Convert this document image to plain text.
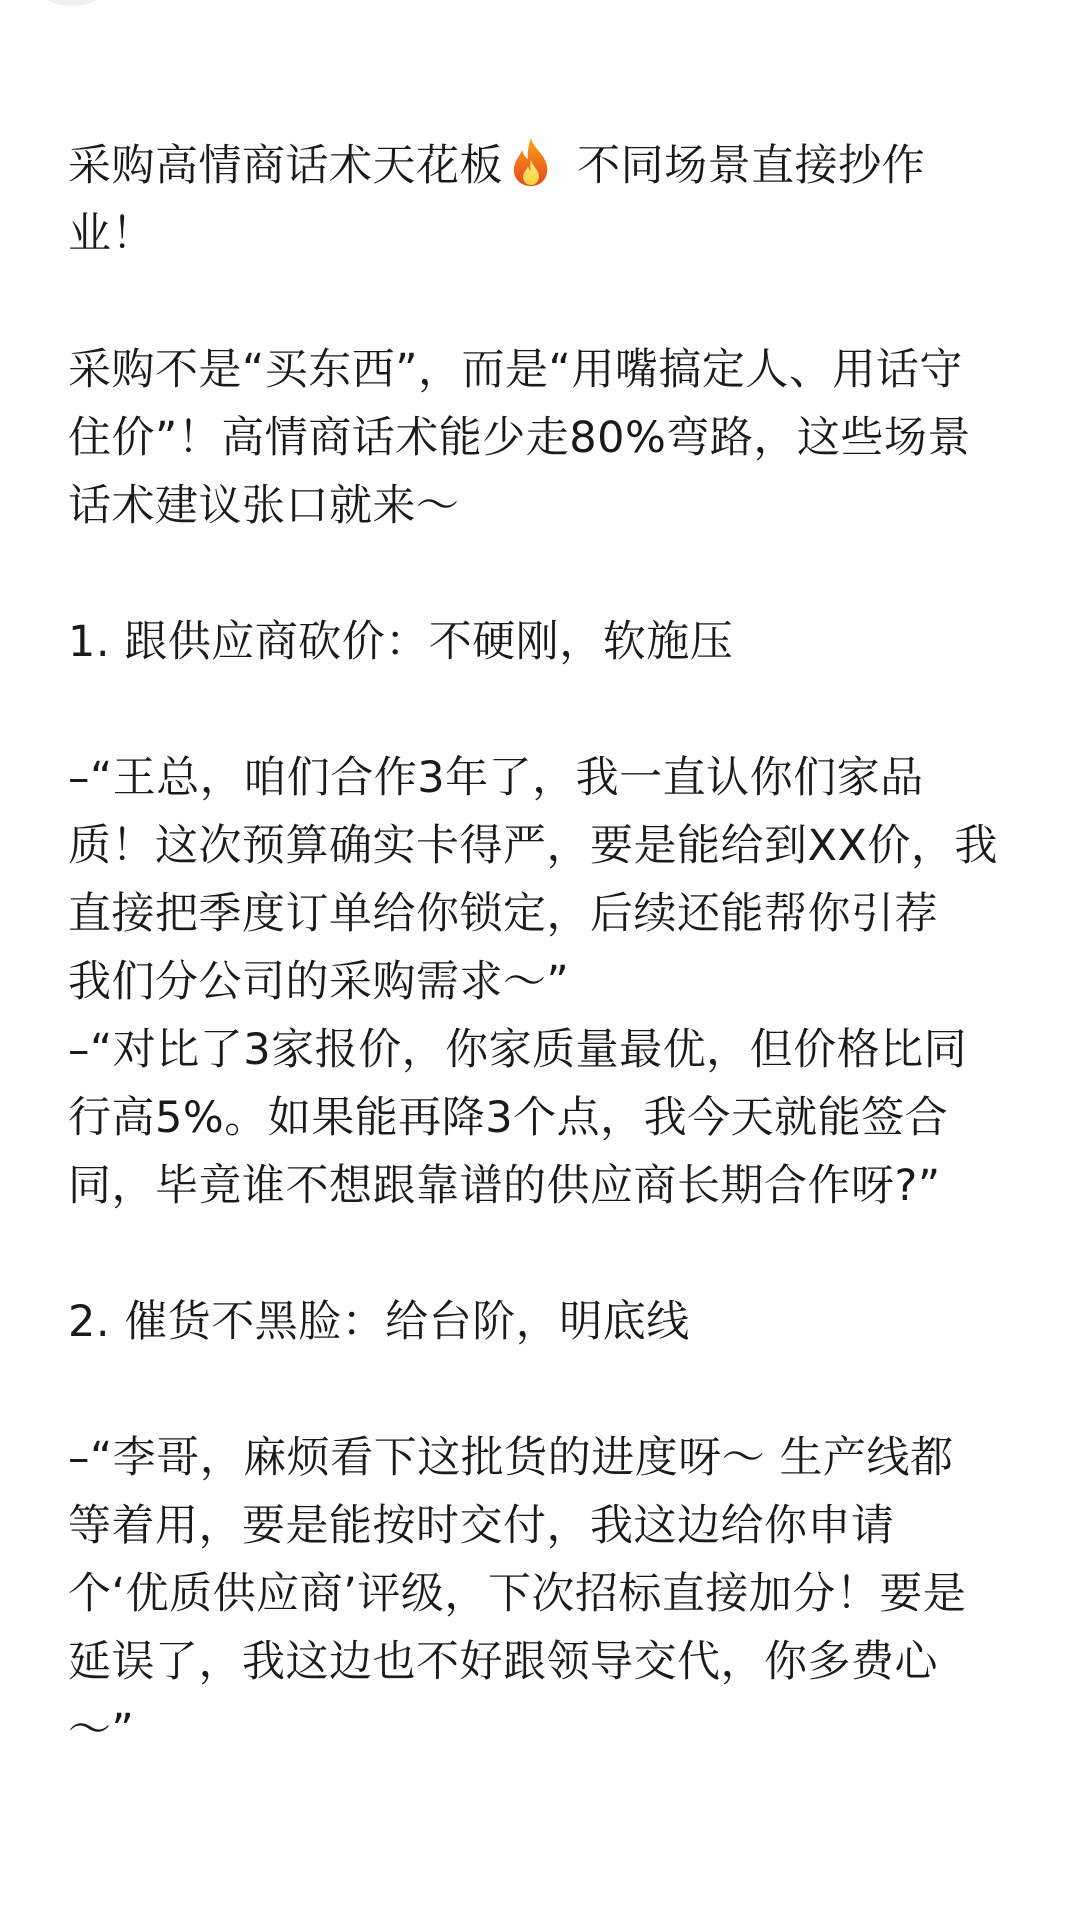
采购高情商话术天花板 不同场景直接抄作
业！
采购不是“买东西”，而是“用嘴搞定人、用话守
住价”！高情商话术能少走80%弯路，这些场景
话术建议张口就来～
1. 跟供应商砍价：不硬刚，软施压
–“王总，咱们合作3年了，我一直认你们家品
质！这次预算确实卡得严，要是能给到XX价，我
直接把季度订单给你锁定，后续还能帮你引荐
我们分公司的采购需求～”
–“对比了3家报价，你家质量最优，但价格比同
行高5%。如果能再降3个点，我今天就能签合
同，毕竟谁不想跟靠谱的供应商长期合作呀?”
2. 催货不黑脸：给台阶，明底线
–“李哥，麻烦看下这批货的进度呀～ 生产线都
等着用，要是能按时交付，我这边给你申请
个‘优质供应商’评级，下次招标直接加分！要是
延误了，我这边也不好跟领导交代，你多费心
～”
